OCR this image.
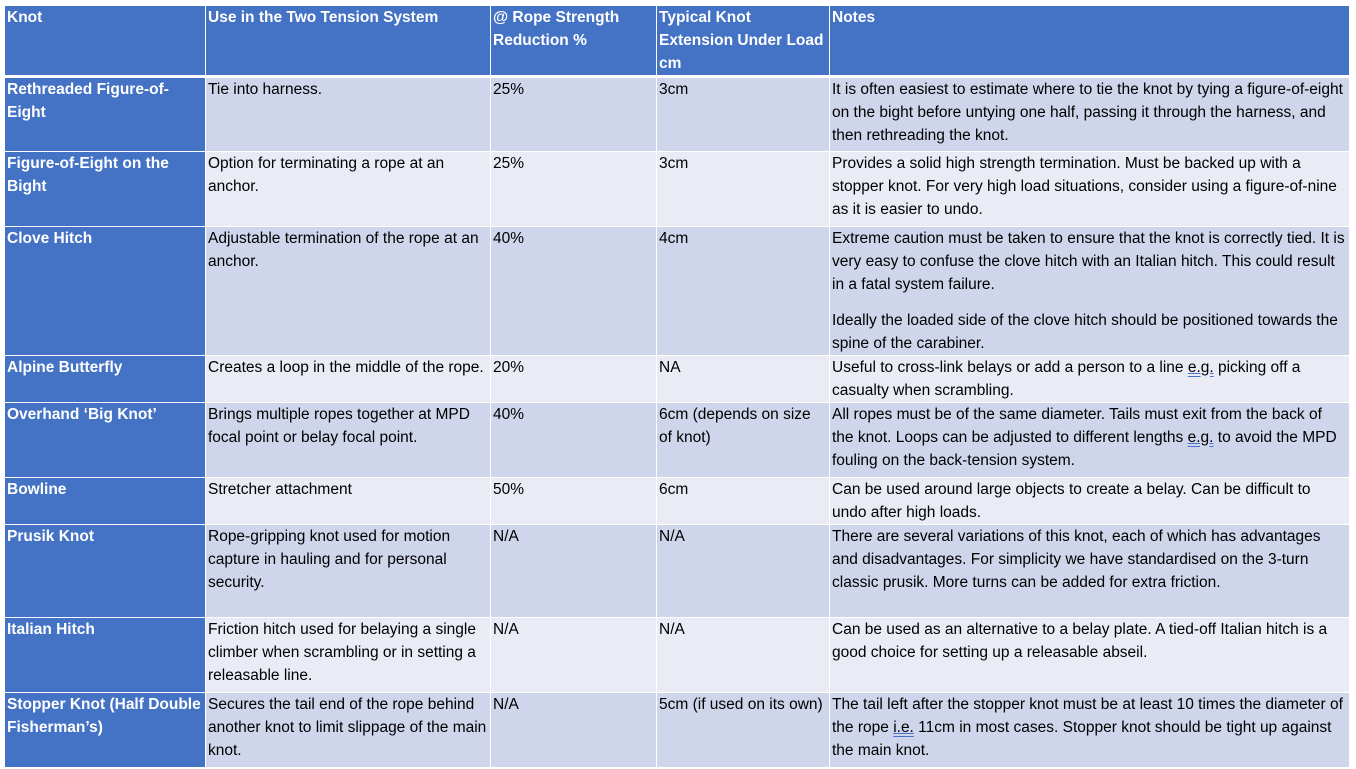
Knot	Use in the Two Tension System	@ Rope Strength Reduction %	Typical Knot Extension Under Load cm	Notes
Rethreaded Figure-of-Eight	Tie into harness.	25%	3cm	It is often easiest to estimate where to tie the knot by tying a figure-of-eight on the bight before untying one half, passing it through the harness, and then rethreading the knot.

Figure-of-Eight on the Bight	Option for terminating a rope at an anchor.	25%	3cm	Provides a solid high strength termination. Must be backed up with a stopper knot. For very high load situations, consider using a figure-of-nine as it is easier to undo.

Clove Hitch	Adjustable termination of the rope at an anchor.	40%	4cm	Extreme caution must be taken to ensure that the knot is correctly tied. It is very easy to confuse the clove hitch with an Italian hitch. This could result in a fatal system failure.
Ideally the loaded side of the clove hitch should be positioned towards the spine of the carabiner.

Alpine Butterfly	Creates a loop in the middle of the rope.	20%	NA	Useful to cross-link belays or add a person to a line e.g. picking off a casualty when scrambling.

Overhand ‘Big Knot’	Brings multiple ropes together at MPD focal point or belay focal point.	40%	6cm (depends on size of knot)	All ropes must be of the same diameter. Tails must exit from the back of the knot. Loops can be adjusted to different lengths e.g. to avoid the MPD fouling on the back-tension system.

Bowline	Stretcher attachment	50%	6cm	Can be used around large objects to create a belay. Can be difficult to undo after high loads.

Prusik Knot	Rope-gripping knot used for motion capture in hauling and for personal security.	N/A	N/A	There are several variations of this knot, each of which has advantages and disadvantages. For simplicity we have standardised on the 3-turn classic prusik. More turns can be added for extra friction.

Italian Hitch	Friction hitch used for belaying a single climber when scrambling or in setting a releasable line.	N/A	N/A	Can be used as an alternative to a belay plate. A tied-off Italian hitch is a good choice for setting up a releasable abseil.

Stopper Knot (Half Double Fisherman’s)	Secures the tail end of the rope behind another knot to limit slippage of the main knot.	N/A	5cm (if used on its own)	The tail left after the stopper knot must be at least 10 times the diameter of the rope i.e. 11cm in most cases. Stopper knot should be tight up against the main knot.
